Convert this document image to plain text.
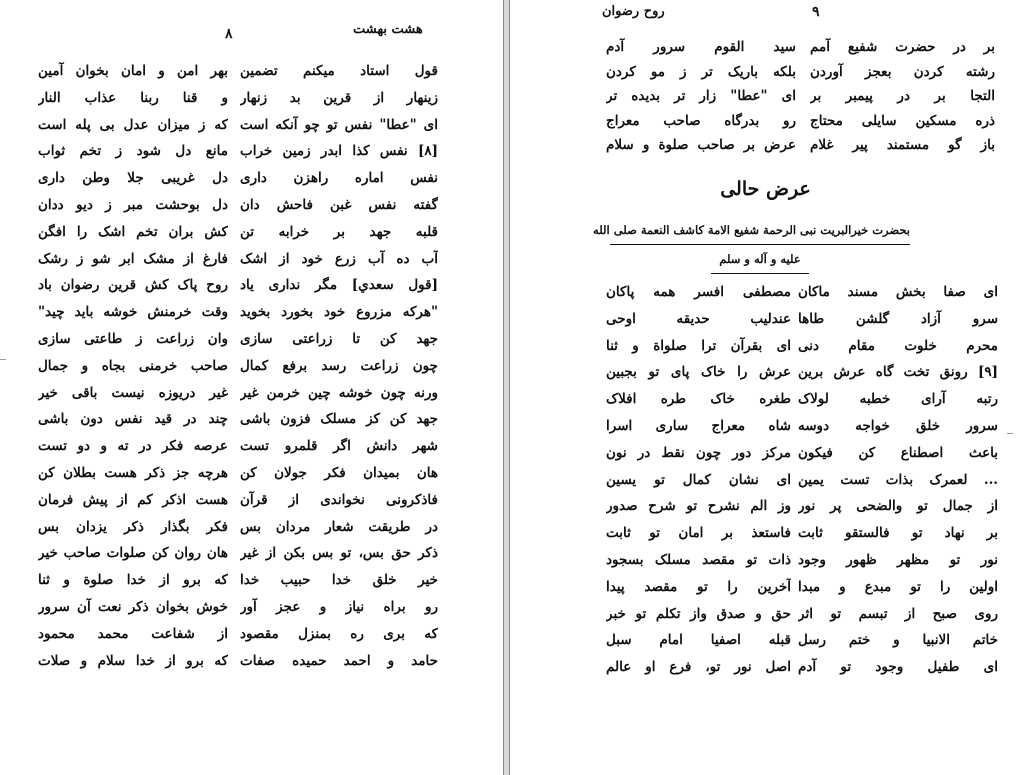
هشت بهشت
۸
قول استاد میکنم تضمین
زینهار از قرین بد زنهار
ای "عطا" نفس تو چو آنکه است
[۸] نفس کذا ابدر زمین خراب
نفس اماره راهزن داری
گفته نفس غبن فاحش دان
قلبه جهد بر خرابه تن
آب ده آب زرع خود از اشک
[قول سعدي] مگر نداری یاد
"هرکه مزروع خود بخورد بخوید
جهد کن تا زراعتی سازی
چون زراعت رسد برفع کمال
ورنه چون خوشه چین خرمن غیر
جهد کن کز مسلک فزون باشی
شهر دانش اگر قلمرو تست
هان بمیدان فکر جولان کن
فاذکرونی نخواندی از قرآن
در طریقت شعار مردان بس
ذکر حق بس، تو بس بکن از غیر
خیر خلق خدا حبیب خدا
رو براه نیاز و عجز آور
که بری ره بمنزل مقصود
حامد و احمد حمیده صفات
بهر امن و امان بخوان آمین
و قنا ربنا عذاب النار
که ز میزان عدل بی پله است
مانع دل شود ز تخم ثواب
دل غریبی جلا وطن داری
دل بوحشت مبر ز دیو ددان
کش بران تخم اشک را افگن
فارغ از مشک ابر شو ز رشک
روح پاک کش قرین رضوان باد
وقت خرمنش خوشه باید چید"
وان زراعت ز طاعتی سازی
صاحب خرمنی بجاه و جمال
غیر دریوزه نیست باقی خیر
چند در قید نفس دون باشی
عرصه فکر در ته و دو تست
هرچه جز ذکر هست بطلان کن
هست اذکر کم از پیش فرمان
فکر بگذار ذکر یزدان بس
هان روان کن صلوات صاحب خیر
که برو از خدا صلوة و ثنا
خوش بخوان ذکر نعت آن سرور
از شفاعت محمد محمود
که برو از خدا سلام و صلات
روح رضوان	۹
بر در حضرت شفیع آمم
رشته کردن بعجز آوردن
التجا بر در پیمبر بر
ذره مسکین سایلی محتاج
باز گو مستمند پیر غلام
سید القوم سرور آدم
بلکه باریک تر ز مو کردن
ای "عطا" زار تر بدیده تر
رو بدرگاه صاحب معراج
عرض بر صاحب صلوة و سلام
عرض حالی
بحضرت خیرالبریت نبی الرحمة شفیع الامة کاشف النعمة صلی الله
علیه و آله و سلم
ای صفا بخش مسند ماکان
سرو آزاد گلشن طاها
محرم خلوت مقام دنی
[۹] رونق تخت گاه عرش برین
رتبه آرای خطبه لولاک
سرور خلق خواجه دوسه
باعث اصطناع کن فیکون
... لعمرک بذات تست یمین
از جمال تو والضحی پر نور
بر نهاد تو فالستقو ثابت
نور تو مظهر ظهور وجود
اولین را تو مبدع و مبدا
روی صبح از تبسم تو اثر
خاتم الانبیا و ختم رسل
ای طفیل وجود تو آدم
مصطفی افسر همه پاکان
عندلیب حدیقه اوحی
ای بقرآن ترا صلواة و ثنا
عرش را خاک پای تو بجبین
طغره خاک طره افلاک
شاه معراج ساری اسرا
مرکز دور چون نقط در نون
ای نشان کمال تو یسین
وز الم نشرح تو شرح صدور
فاستعذ بر امان تو ثابت
ذات تو مقصد مسلک بسجود
آخرین را تو مقصد پیدا
حق و صدق واز تکلم تو خبر
قبله اصفیا امام سبل
اصل نور تو، فرع او عالم
